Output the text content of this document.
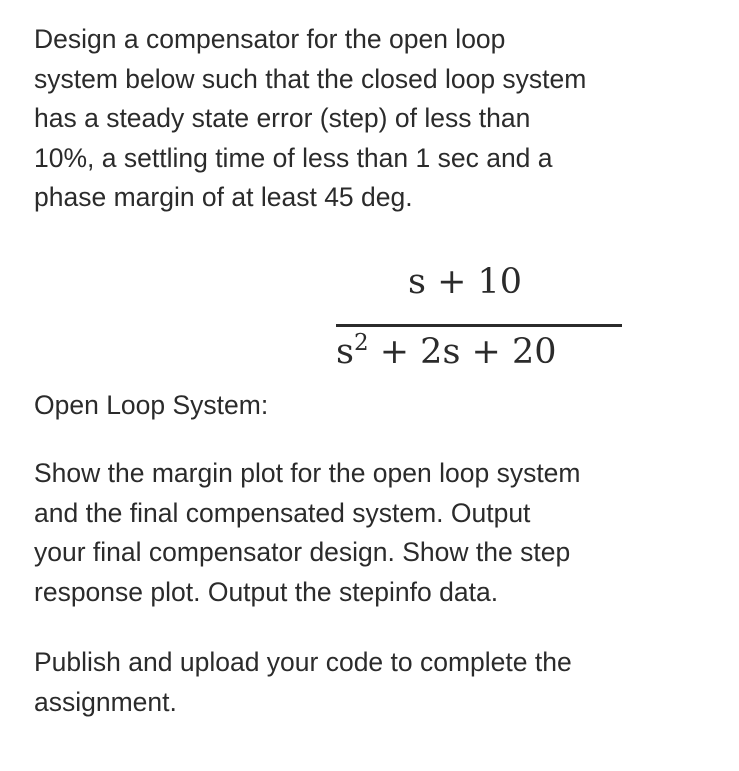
Design a compensator for the open loop
system below such that the closed loop system
has a steady state error (step) of less than
10%, a settling time of less than 1 sec and a
phase margin of at least 45 deg.

s + 10
$s^2 + 2s + 20$

Open Loop System:

Show the margin plot for the open loop system
and the final compensated system. Output
your final compensator design. Show the step
response plot. Output the stepinfo data.

Publish and upload your code to complete the
assignment.
